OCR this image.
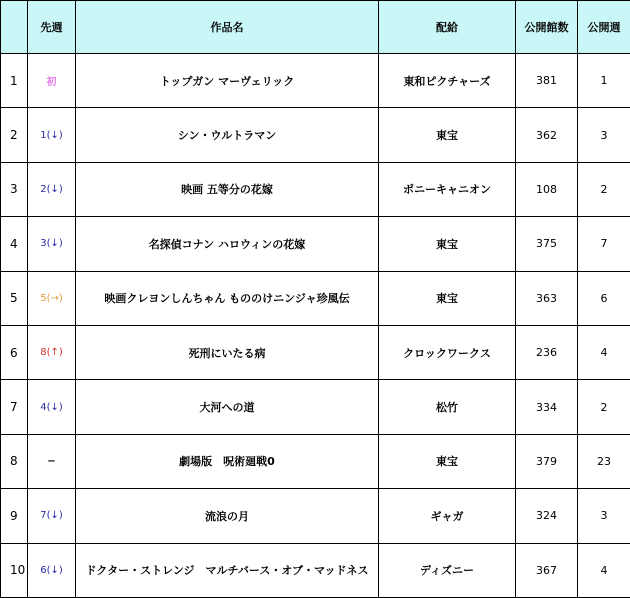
	先週	作品名	配給	公開館数	公開週
1	初	トップガン マーヴェリック	東和ピクチャーズ	381	1
2	1(↓)	シン・ウルトラマン	東宝	362	3
3	2(↓)	映画 五等分の花嫁	ポニーキャニオン	108	2
4	3(↓)	名探偵コナン ハロウィンの花嫁	東宝	375	7
5	5(→)	映画クレヨンしんちゃん もののけニンジャ珍風伝	東宝	363	6
6	8(↑)	死刑にいたる病	クロックワークス	236	4
7	4(↓)	大河への道	松竹	334	2
8	−	劇場版　呪術廻戦0	東宝	379	23
9	7(↓)	流浪の月	ギャガ	324	3
10	6(↓)	ドクター・ストレンジ　マルチバース・オブ・マッドネス	ディズニー	367	4
